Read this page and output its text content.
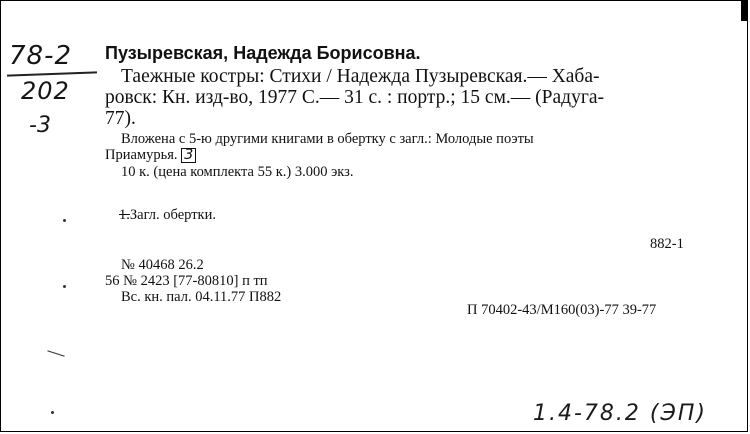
78-2
202
-3
Пузыревская, Надежда Борисовна.
Таежные костры: Стихи / Надежда Пузыревская.— Хаба-
ровск: Кн. изд-во, 1977 С.— 31 с. : портр.; 15 см.— (Радуга-
77).
Вложена с 5-ю другими книгами в обертку с загл.: Молодые поэты
Приамурья. 3
10 к. (цена комплекта 55 к.) 3.000 экз.
1.Загл. обертки.
882-1
№ 40468 26.2
56 № 2423 [77-80810] п тп
Вс. кн. пал. 04.11.77 П882
П 70402-43/М160(03)-77 39-77
1.4-78.2 (ЭП)
